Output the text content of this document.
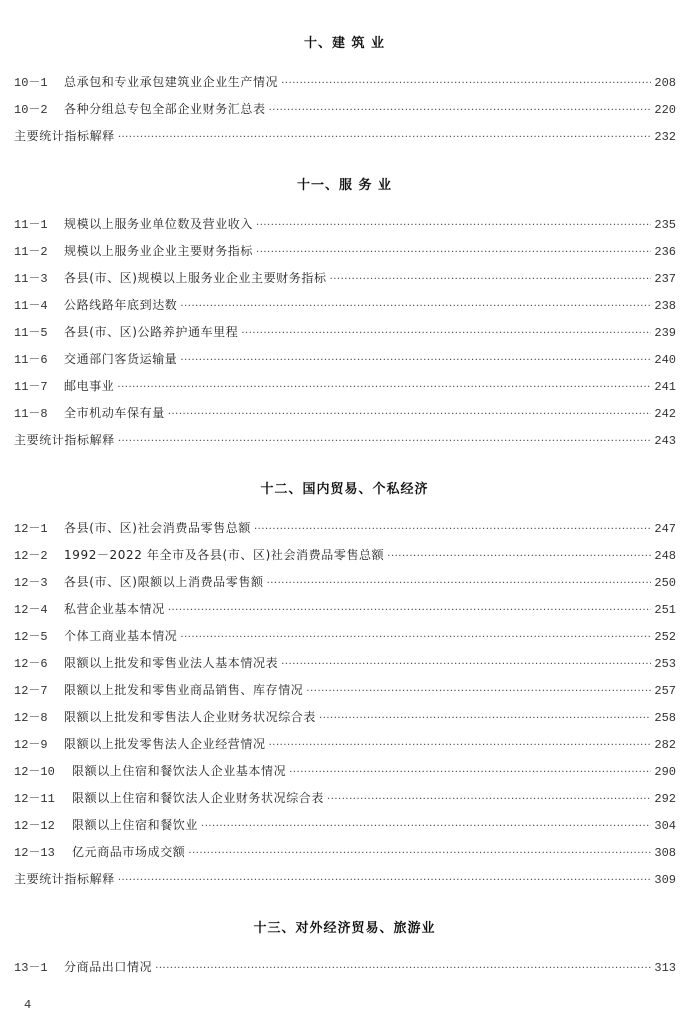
十、建 筑 业
10－1	总承包和专业承包建筑业企业生产情况 ·····	208
10－2	各种分组总专包全部企业财务汇总表 ·····	220
主要统计指标解释 ·····	232
十一、服 务 业
11－1	规模以上服务业单位数及营业收入 ·····	235
11－2	规模以上服务业企业主要财务指标 ·····	236
11－3	各县(市、区)规模以上服务业企业主要财务指标 ·····	237
11－4	公路线路年底到达数 ·····	238
11－5	各县(市、区)公路养护通车里程 ·····	239
11－6	交通部门客货运输量 ·····	240
11－7	邮电事业 ·····	241
11－8	全市机动车保有量 ·····	242
主要统计指标解释 ·····	243
十二、国内贸易、个私经济
12－1	各县(市、区)社会消费品零售总额 ·····	247
12－2	1992－2022 年全市及各县(市、区)社会消费品零售总额 ·····	248
12－3	各县(市、区)限额以上消费品零售额 ·····	250
12－4	私营企业基本情况 ·····	251
12－5	个体工商业基本情况 ·····	252
12－6	限额以上批发和零售业法人基本情况表 ·····	253
12－7	限额以上批发和零售业商品销售、库存情况 ·····	257
12－8	限额以上批发和零售法人企业财务状况综合表 ·····	258
12－9	限额以上批发零售法人企业经营情况 ·····	282
12－10	限额以上住宿和餐饮法人企业基本情况 ·····	290
12－11	限额以上住宿和餐饮法人企业财务状况综合表 ·····	292
12－12	限额以上住宿和餐饮业 ·····	304
12－13	亿元商品市场成交额 ·····	308
主要统计指标解释 ·····	309
十三、对外经济贸易、旅游业
13－1	分商品出口情况 ·····	313
4
